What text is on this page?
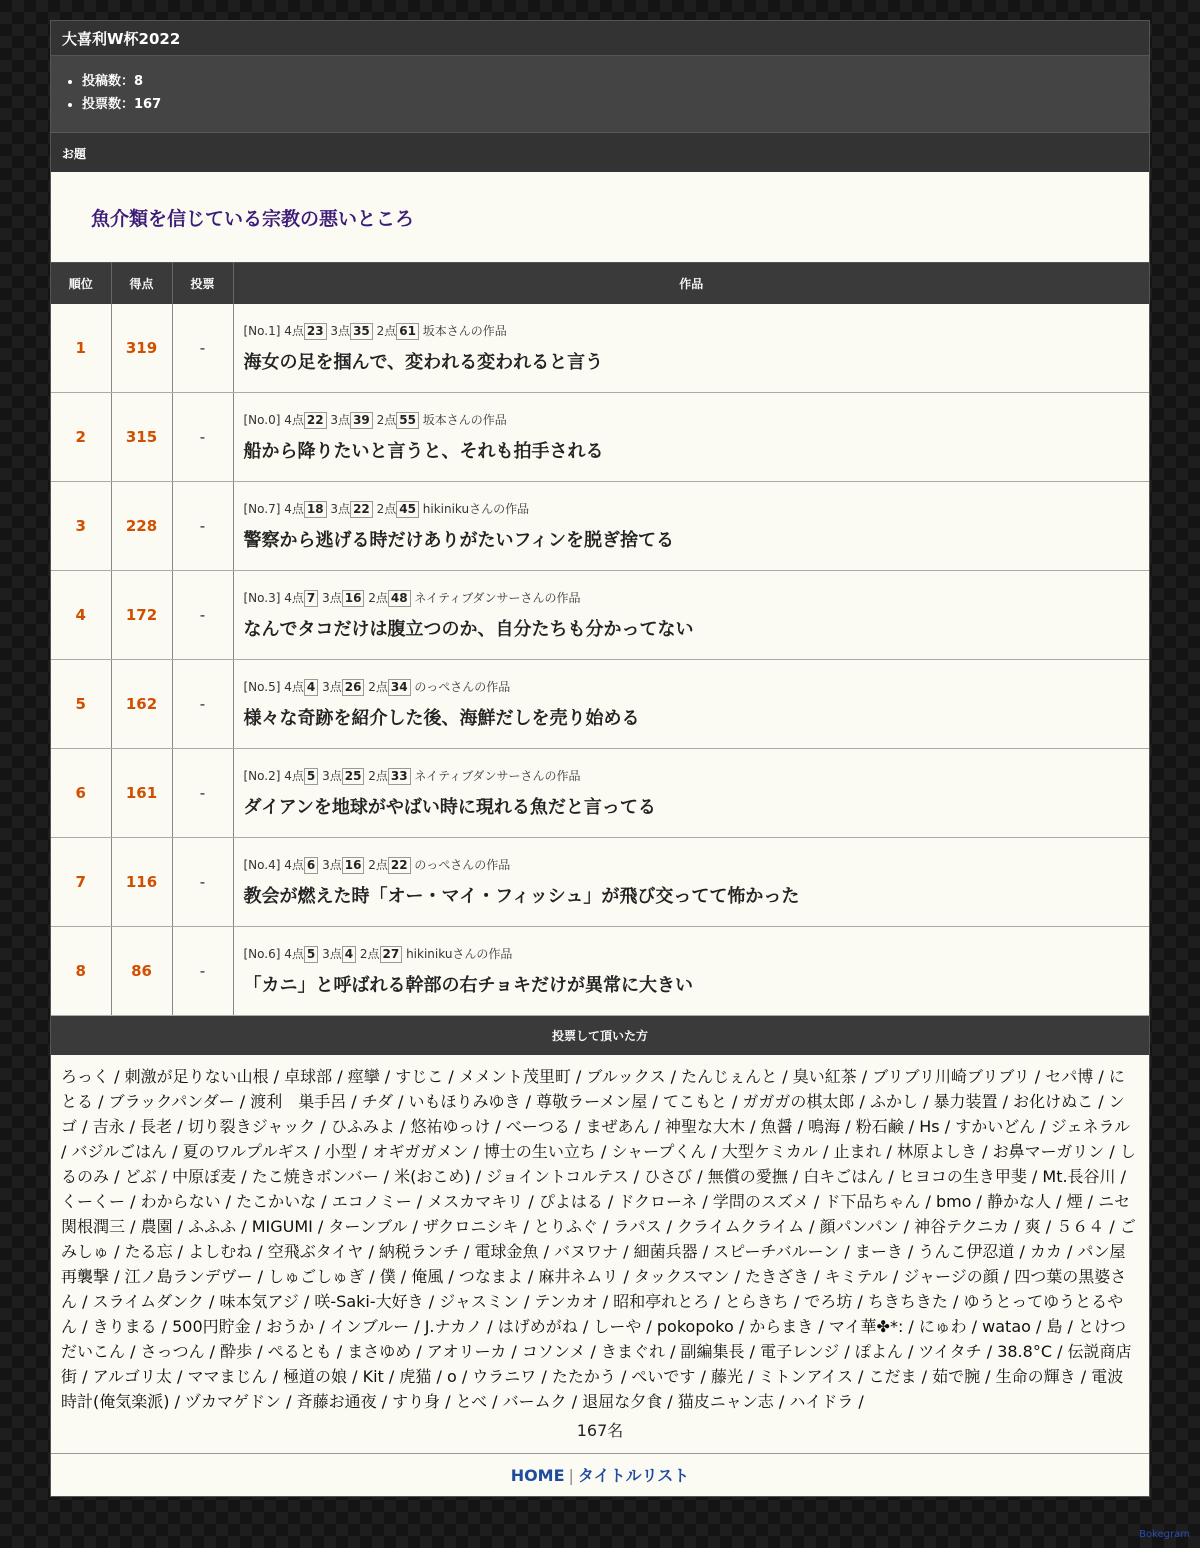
大喜利W杯2022
• 投稿数：8
• 投票数：167
お題
魚介類を信じている宗教の悪いところ
順位	得点	投票	作品
1	319	-	[No.1] 4点 23 3点 35 2点 61 坂本さんの作品
海女の足を掴んで、変われる変われると言う

2	315	-	[No.0] 4点 22 3点 39 2点 55 坂本さんの作品
船から降りたいと言うと、それも拍手される

3	228	-	[No.7] 4点 18 3点 22 2点 45 hikinikuさんの作品
警察から逃げる時だけありがたいフィンを脱ぎ捨てる

4	172	-	[No.3] 4点 7 3点 16 2点 48 ネイティブダンサーさんの作品
なんでタコだけは腹立つのか、自分たちも分かってない

5	162	-	[No.5] 4点 4 3点 26 2点 34 のっぺさんの作品
様々な奇跡を紹介した後、海鮮だしを売り始める

6	161	-	[No.2] 4点 5 3点 25 2点 33 ネイティブダンサーさんの作品
ダイアンを地球がやばい時に現れる魚だと言ってる

7	116	-	[No.4] 4点 6 3点 16 2点 22 のっぺさんの作品
教会が燃えた時「オー・マイ・フィッシュ」が飛び交ってて怖かった

8	86	-	[No.6] 4点 5 3点 4 2点 27 hikinikuさんの作品
「カニ」と呼ばれる幹部の右チョキだけが異常に大きい
投票して頂いた方
ろっく / 刺激が足りない山根 / 卓球部 / 痙攣 / すじこ / メメント茂里町 / ブルックス / たんじぇんと / 臭い紅茶 / ブリブリ川崎ブリブリ / セパ博 / にとる / ブラックパンダー / 渡利　巣手呂 / チダ / いもほりみゆき / 尊敬ラーメン屋 / てこもと / ガガガの棋太郎 / ふかし / 暴力装置 / お化けぬこ / ンゴ / 吉永 / 長老 / 切り裂きジャック / ひふみよ / 悠祐ゆっけ / べーつる / まぜあん / 神聖な大木 / 魚醤 / 鳴海 / 粉石鹸 / Hs / すかいどん / ジェネラル / バジルごはん / 夏のワルプルギス / 小型 / オギガガメン / 博士の生い立ち / シャープくん / 大型ケミカル / 止まれ / 林原よしき / お鼻マーガリン / しるのみ / どぶ / 中原ぽ麦 / たこ焼きボンバー / 米(おこめ) / ジョイントコルテス / ひさび / 無償の愛撫 / 白キごはん / ヒヨコの生き甲斐 / Mt.長谷川 / くーくー / わからない / たこかいな / エコノミー / メスカマキリ / ぴよはる / ドクローネ / 学問のスズメ / ド下品ちゃん / bmo / 静かな人 / 煙 / ニセ関根潤三 / 農園 / ふふふ / MIGUMI / ターンブル / ザクロニシキ / とりふぐ / ラパス / クライムクライム / 顔パンパン / 神谷テクニカ / 爽 / ５６４ / ごみしゅ / たる忘 / よしむね / 空飛ぶタイヤ / 納税ランチ / 電球金魚 / バヌワナ / 細菌兵器 / スピーチバルーン / まーき / うんこ伊忍道 / カカ / パン屋再襲撃 / 江ノ島ランデヴー / しゅごしゅぎ / 僕 / 俺風 / つなまよ / 麻井ネムリ / タックスマン / たきざき / キミテル / ジャージの顔 / 四つ葉の黒婆さん / スライムダンク / 味本気アジ / 咲-Saki-大好き / ジャスミン / テンカオ / 昭和亭れとろ / とらきち / でろ坊 / ちきちきた / ゆうとってゆうとるやん / きりまる / 500円貯金 / おうか / インブルー / J.ナカノ / はげめがね / しーや / pokopoko / からまき / マイ華✤*: / にゅわ / watao / 島 / とけつだいこん / さっつん / 酔歩 / ぺるとも / まさゆめ / アオリーカ / コソンメ / きまぐれ / 副編集長 / 電子レンジ / ぽよん / ツイタチ / 38.8°C / 伝説商店街 / アルゴリ太 / ママまじん / 極道の娘 / Kit / 虎猫 / o / ウラニワ / たたかう / ぺいです / 藤光 / ミトンアイス / こだま / 茹で腕 / 生命の輝き / 電波時計(俺気楽派) / ヅカマゲドン / 斉藤お通夜 / すり身 / とべ / バームク / 退屈な夕食 / 猫皮ニャン志 / ハイドラ /
167名
HOME | タイトルリスト
Bokegram
